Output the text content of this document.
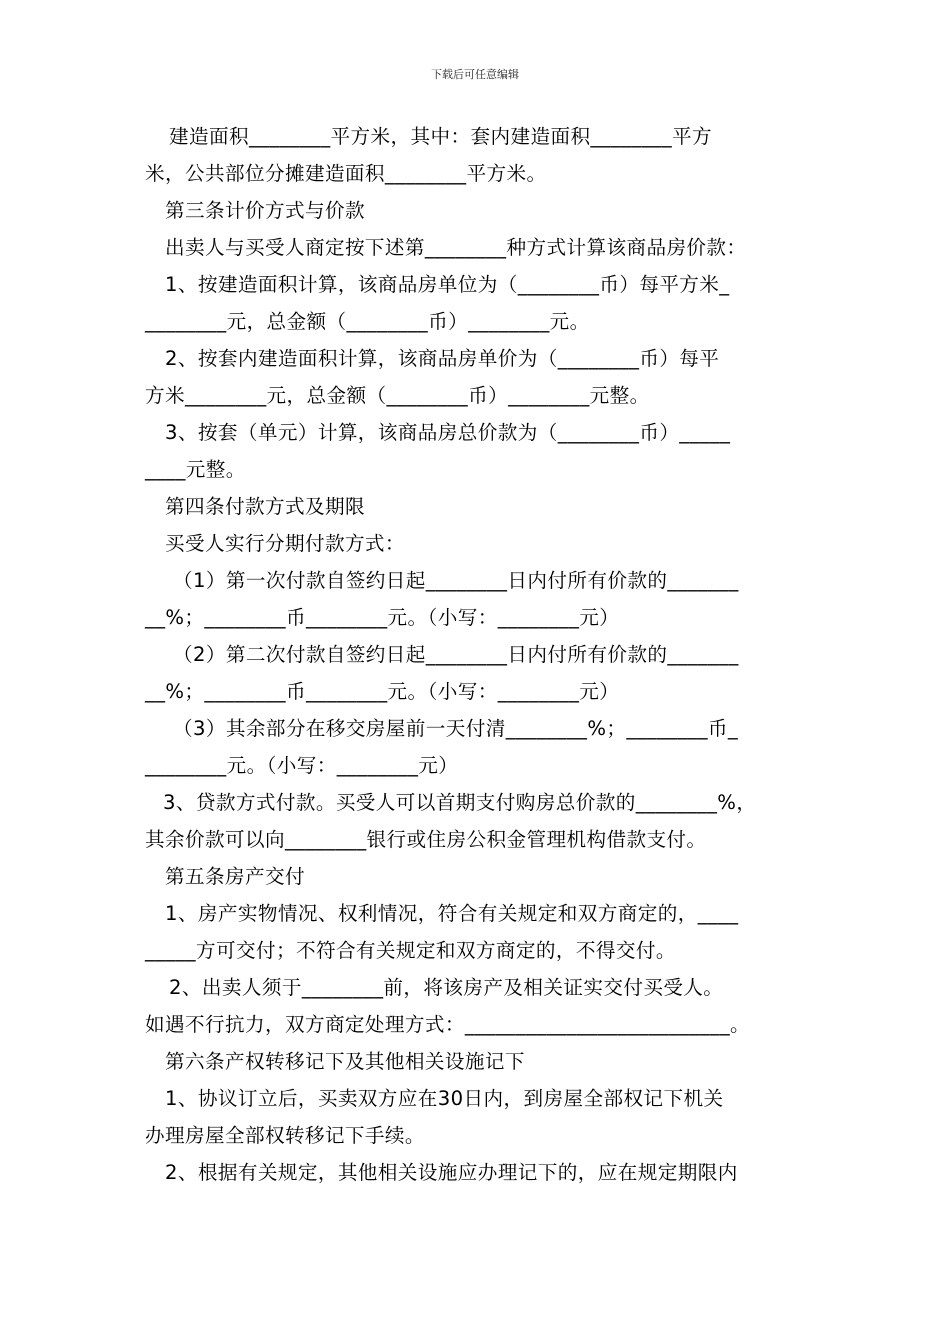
下载后可任意编辑
建造面积________平方米，其中：套内建造面积________平方
米，公共部位分摊建造面积________平方米。
第三条计价方式与价款
出卖人与买受人商定按下述第________种方式计算该商品房价款：
1、按建造面积计算，该商品房单位为（________币）每平方米_
________元，总金额（________币）________元。
2、按套内建造面积计算，该商品房单价为（________币）每平
方米________元，总金额（________币）________元整。
3、按套（单元）计算，该商品房总价款为（________币）_____
____元整。
第四条付款方式及期限
买受人实行分期付款方式：
（1）第一次付款自签约日起________日内付所有价款的_______
__%；________币________元。（小写：________元）
（2）第二次付款自签约日起________日内付所有价款的_______
__%；________币________元。（小写：________元）
（3）其余部分在移交房屋前一天付清________%；________币_
________元。（小写：________元）
3、贷款方式付款。买受人可以首期支付购房总价款的________%，
其余价款可以向________银行或住房公积金管理机构借款支付。
第五条房产交付
1、房产实物情况、权利情况，符合有关规定和双方商定的，____
_____方可交付；不符合有关规定和双方商定的，不得交付。
2、出卖人须于________前，将该房产及相关证实交付买受人。
如遇不行抗力，双方商定处理方式：__________________________。
第六条产权转移记下及其他相关设施记下
1、协议订立后，买卖双方应在30日内，到房屋全部权记下机关
办理房屋全部权转移记下手续。
2、根据有关规定，其他相关设施应办理记下的，应在规定期限内
